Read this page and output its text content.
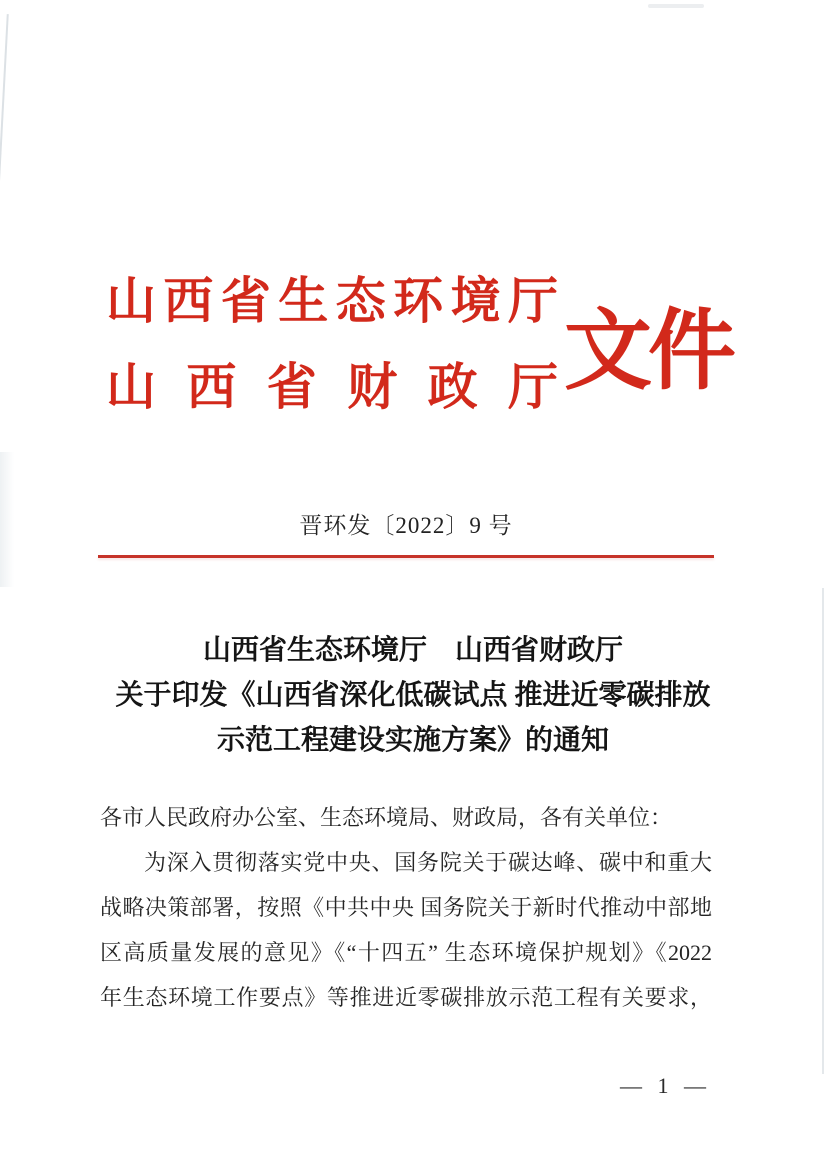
山西省生态环境厅
山西省财政厅 文件
晋环发〔2022〕9 号
山西省生态环境厅　山西省财政厅
关于印发《山西省深化低碳试点 推进近零碳排放
示范工程建设实施方案》的通知
各市人民政府办公室、生态环境局、财政局，各有关单位：
为深入贯彻落实党中央、国务院关于碳达峰、碳中和重大
战略决策部署，按照《中共中央 国务院关于新时代推动中部地
区高质量发展的意见》《“十四五” 生态环境保护规划》《2022
年生态环境工作要点》等推进近零碳排放示范工程有关要求，
— 1 —
